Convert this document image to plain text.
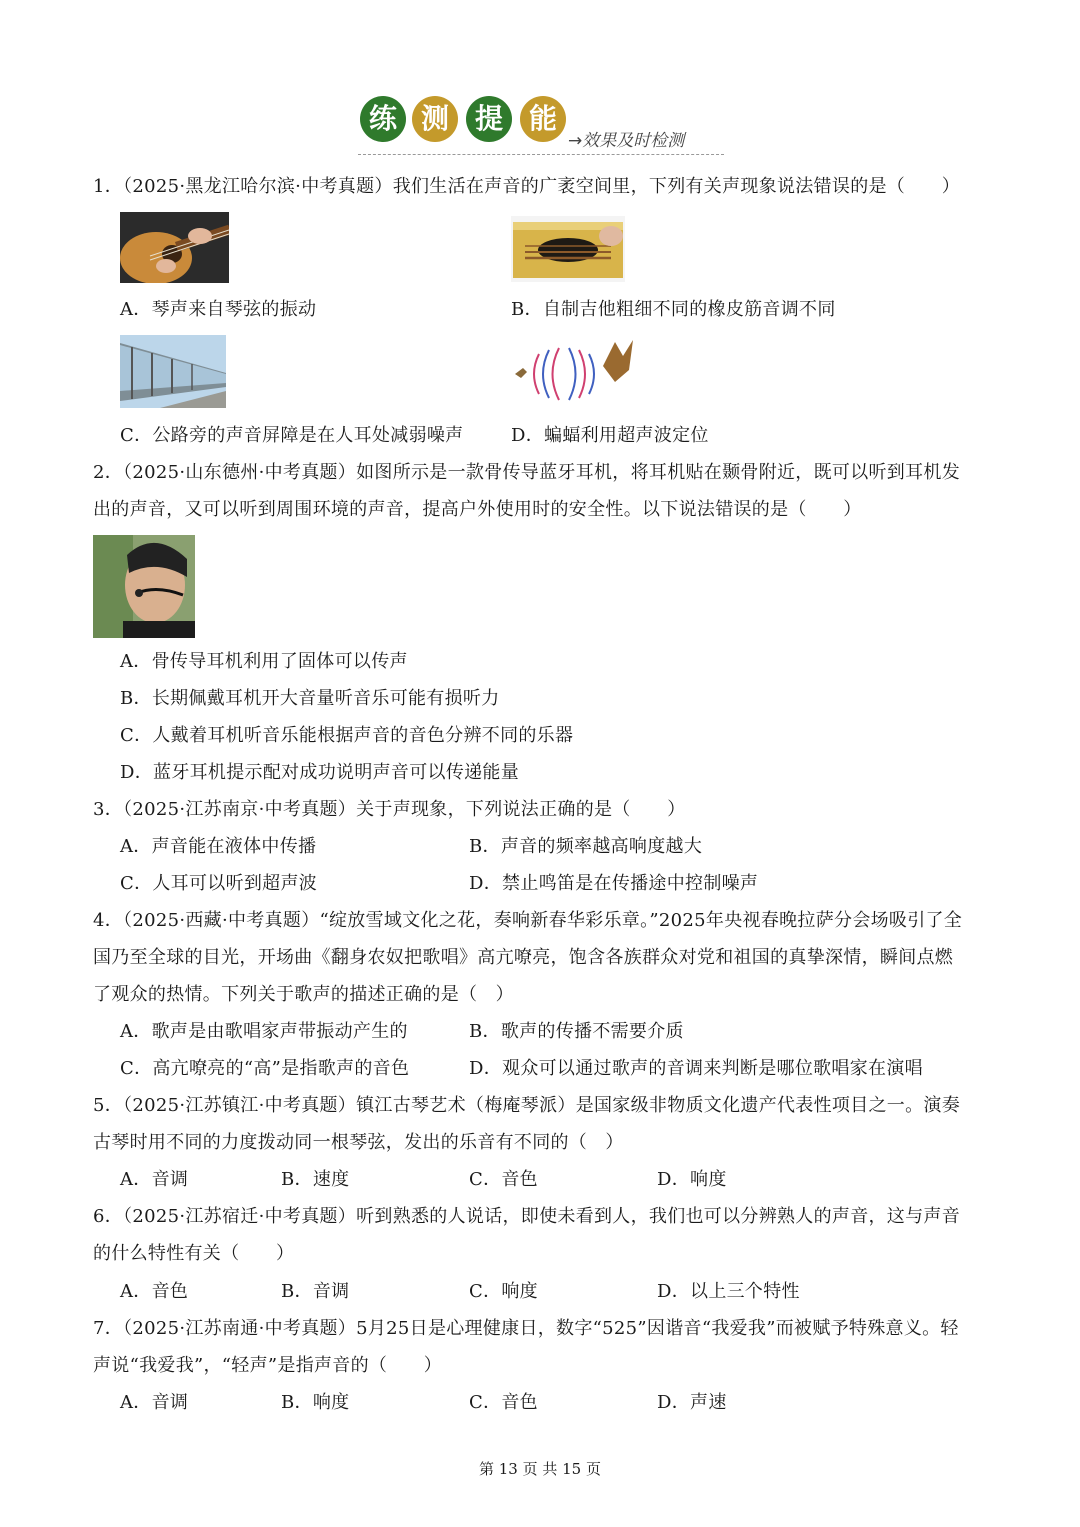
练 测 提 能
→效果及时检测
1．（2025·黑龙江哈尔滨·中考真题）我们生活在声音的广袤空间里，下列有关声现象说法错误的是（　　）
A．琴声来自琴弦的振动	B．自制吉他粗细不同的橡皮筋音调不同
C．公路旁的声音屏障是在人耳处减弱噪声	D．蝙蝠利用超声波定位
2．（2025·山东德州·中考真题）如图所示是一款骨传导蓝牙耳机，将耳机贴在颞骨附近，既可以听到耳机发
出的声音，又可以听到周围环境的声音，提高户外使用时的安全性。以下说法错误的是（　　）
A．骨传导耳机利用了固体可以传声
B．长期佩戴耳机开大音量听音乐可能有损听力
C．人戴着耳机听音乐能根据声音的音色分辨不同的乐器
D．蓝牙耳机提示配对成功说明声音可以传递能量
3．（2025·江苏南京·中考真题）关于声现象，下列说法正确的是（　　）
A．声音能在液体中传播	B．声音的频率越高响度越大
C．人耳可以听到超声波	D．禁止鸣笛是在传播途中控制噪声
4．（2025·西藏·中考真题）“绽放雪域文化之花，奏响新春华彩乐章。”2025年央视春晚拉萨分会场吸引了全
国乃至全球的目光，开场曲《翻身农奴把歌唱》高亢嘹亮，饱含各族群众对党和祖国的真挚深情，瞬间点燃
了观众的热情。下列关于歌声的描述正确的是（　）
A．歌声是由歌唱家声带振动产生的	B．歌声的传播不需要介质
C．高亢嘹亮的“高”是指歌声的音色	D．观众可以通过歌声的音调来判断是哪位歌唱家在演唱
5．（2025·江苏镇江·中考真题）镇江古琴艺术（梅庵琴派）是国家级非物质文化遗产代表性项目之一。演奏
古琴时用不同的力度拨动同一根琴弦，发出的乐音有不同的（　）
A．音调	B．速度	C．音色	D．响度
6．（2025·江苏宿迁·中考真题）听到熟悉的人说话，即使未看到人，我们也可以分辨熟人的声音，这与声音
的什么特性有关（　　）
A．音色	B．音调	C．响度	D．以上三个特性
7．（2025·江苏南通·中考真题）5月25日是心理健康日，数字“525”因谐音“我爱我”而被赋予特殊意义。轻
声说“我爱我”，“轻声”是指声音的（　　）
A．音调	B．响度	C．音色	D．声速
第 13 页 共 15 页
